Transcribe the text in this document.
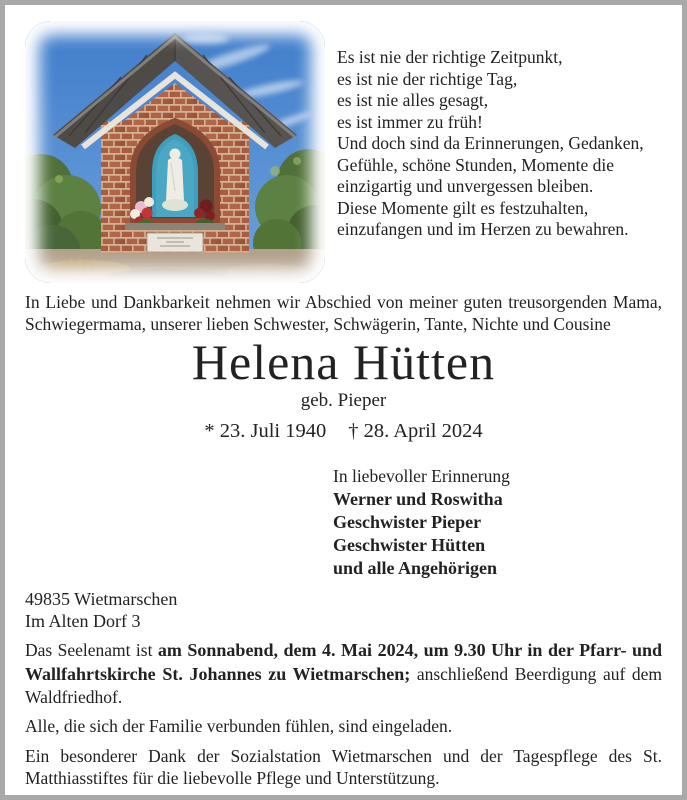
Es ist nie der richtige Zeitpunkt,
es ist nie der richtige Tag,
es ist nie alles gesagt,
es ist immer zu früh!
Und doch sind da Erinnerungen, Gedanken,
Gefühle, schöne Stunden, Momente die
einzigartig und unvergessen bleiben.
Diese Momente gilt es festzuhalten,
einzufangen und im Herzen zu bewahren.

In Liebe und Dankbarkeit nehmen wir Abschied von meiner guten treusorgenden Mama, Schwiegermama, unserer lieben Schwester, Schwägerin, Tante, Nichte und Cousine

Helena Hütten
geb. Pieper
* 23. Juli 1940 † 28. April 2024
In liebevoller Erinnerung
Werner und Roswitha
Geschwister Pieper
Geschwister Hütten
und alle Angehörigen
49835 Wietmarschen
Im Alten Dorf 3

Das Seelenamt ist am Sonnabend, dem 4. Mai 2024, um 9.30 Uhr in der Pfarr- und Wallfahrtskirche St. Johannes zu Wietmarschen; anschließend Beerdigung auf dem Waldfriedhof.

Alle, die sich der Familie verbunden fühlen, sind eingeladen.

Ein besonderer Dank der Sozialstation Wietmarschen und der Tagespflege des St. Matthiasstiftes für die liebevolle Pflege und Unterstützung.
